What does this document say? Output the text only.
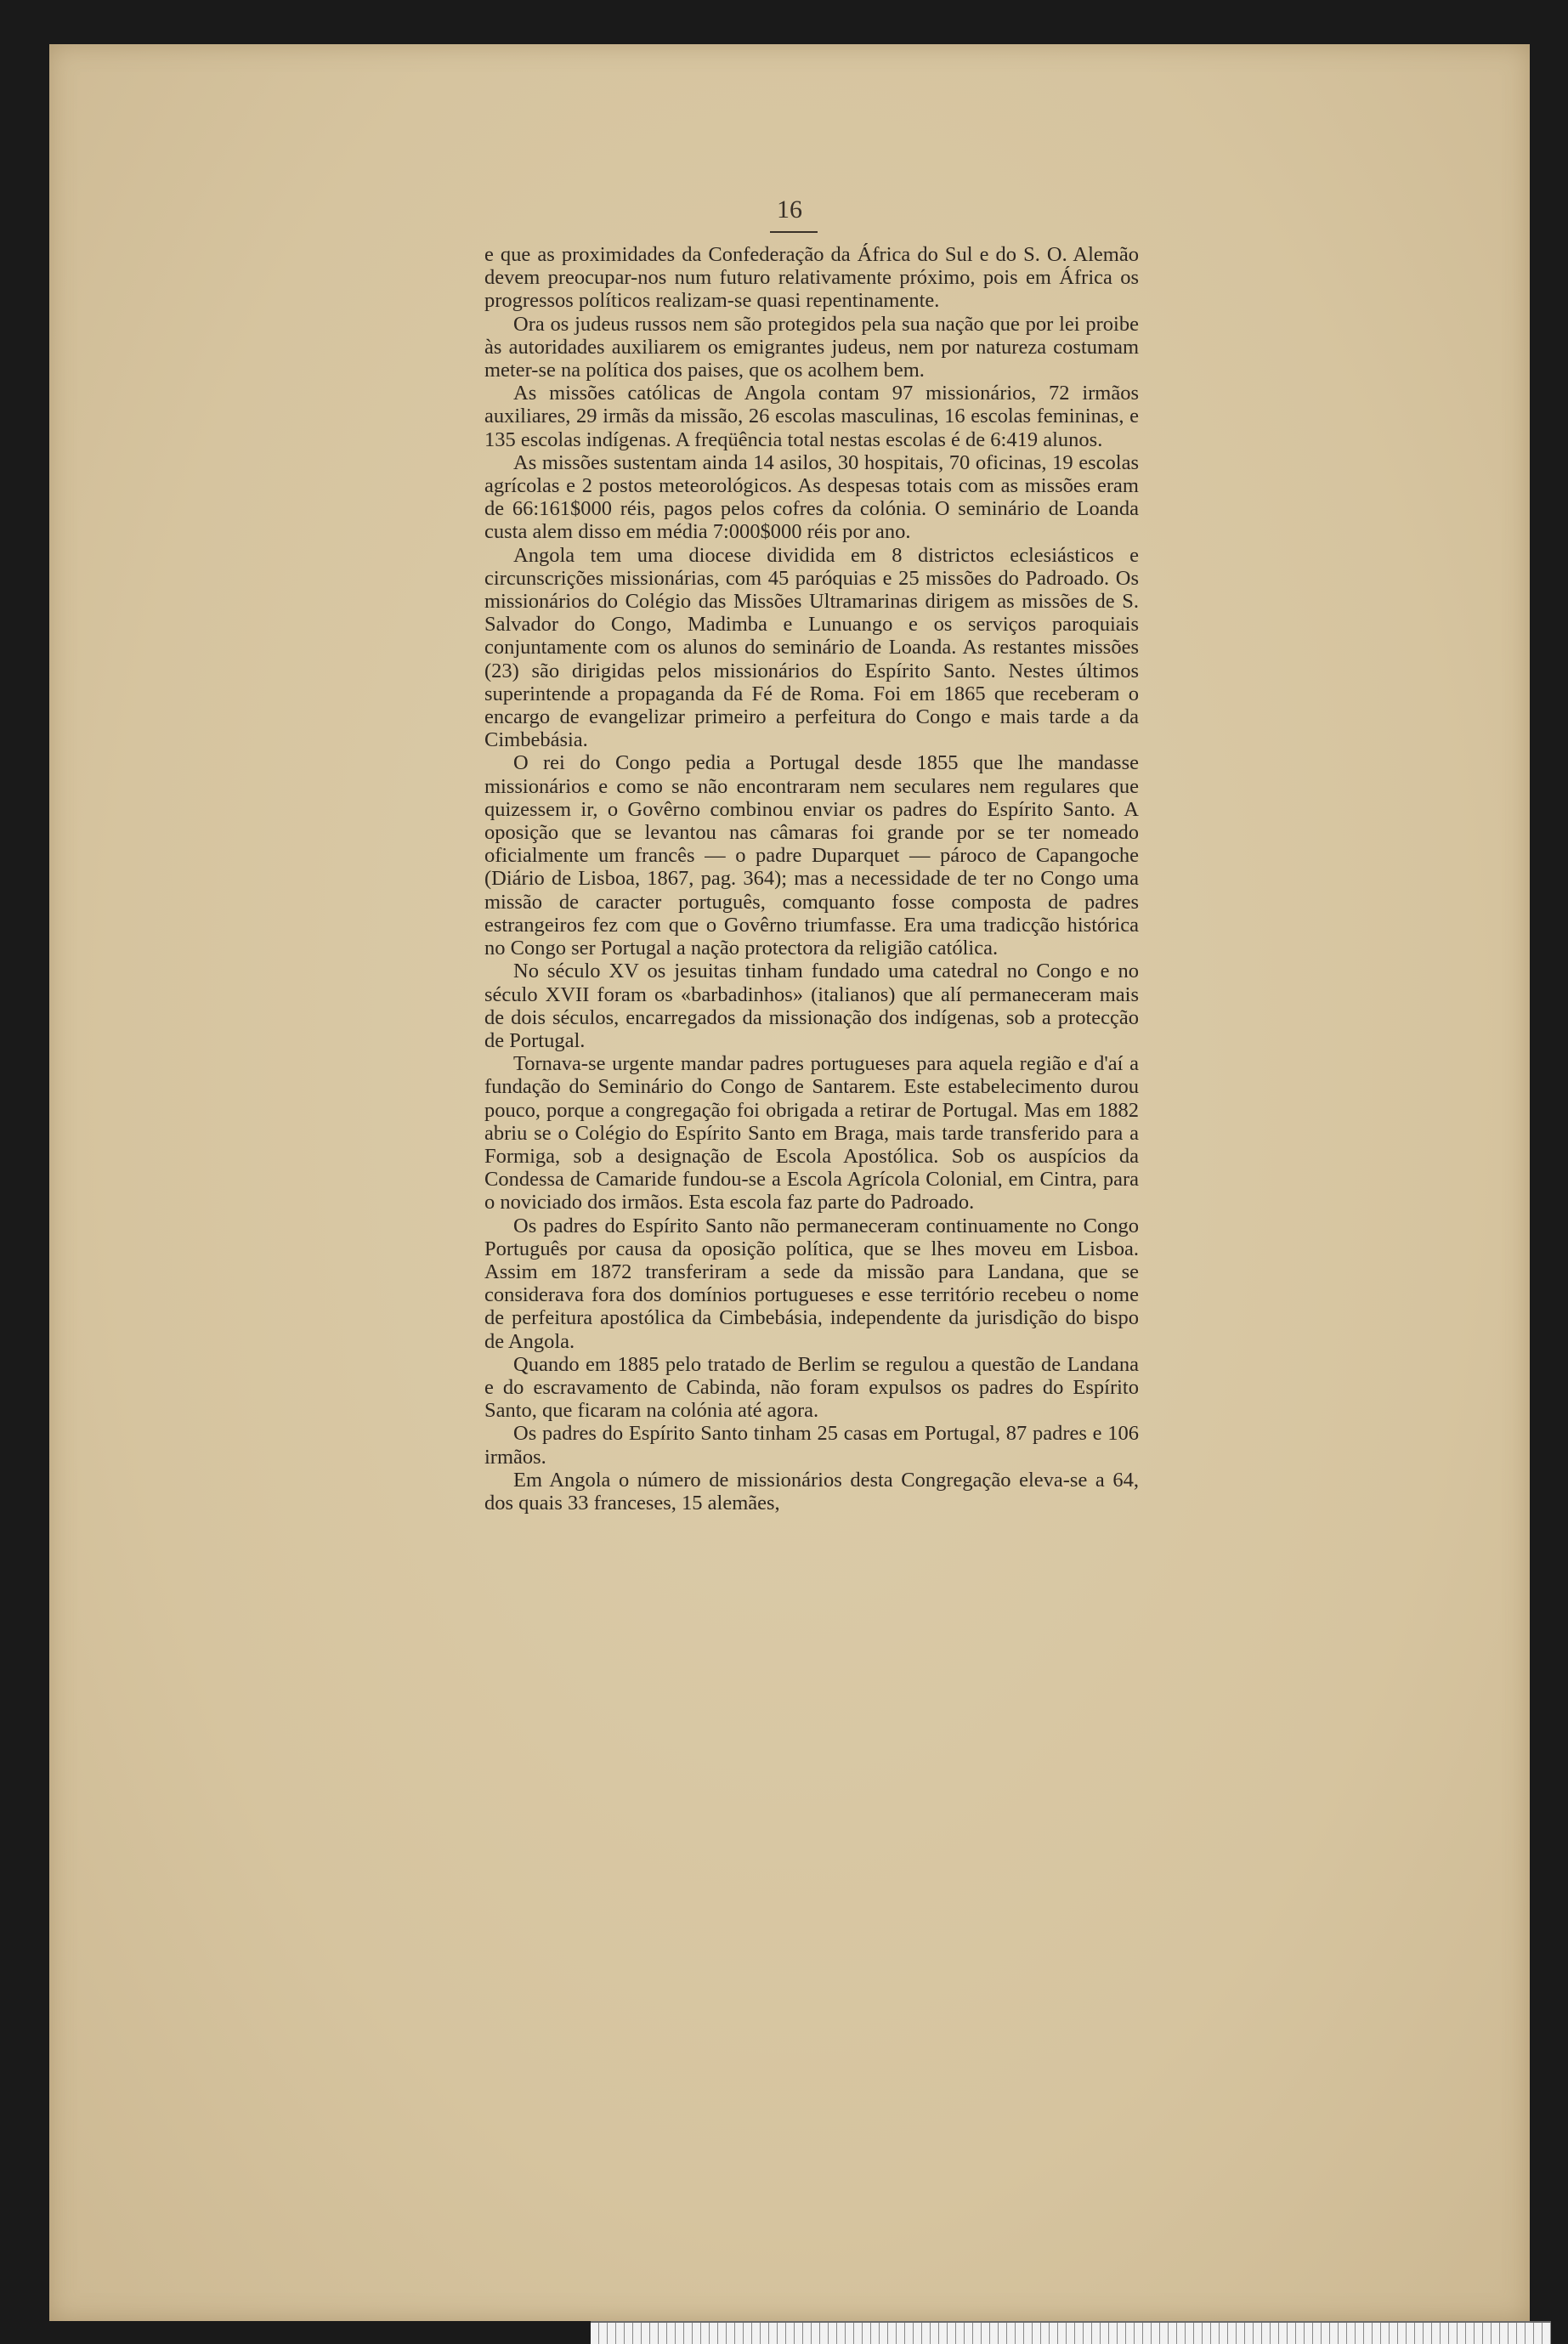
16

e que as proximidades da Confederação da África do Sul e do S. O. Alemão devem preocupar-nos num futuro relativamente próximo, pois em África os progressos políticos realizam-se quasi repentinamente.

Ora os judeus russos nem são protegidos pela sua nação que por lei proibe às autoridades auxiliarem os emigrantes judeus, nem por natureza costumam meter-se na política dos paises, que os acolhem bem.

As missões católicas de Angola contam 97 missionários, 72 irmãos auxiliares, 29 irmãs da missão, 26 escolas masculinas, 16 escolas femininas, e 135 escolas indígenas. A freqüência total nestas escolas é de 6:419 alunos.

As missões sustentam ainda 14 asilos, 30 hospitais, 70 oficinas, 19 escolas agrícolas e 2 postos meteorológicos. As despesas totais com as missões eram de 66:161$000 réis, pagos pelos cofres da colónia. O seminário de Loanda custa alem disso em média 7:000$000 réis por ano.

Angola tem uma diocese dividida em 8 districtos eclesiásticos e circunscrições missionárias, com 45 paróquias e 25 missões do Padroado. Os missionários do Colégio das Missões Ultramarinas dirigem as missões de S. Salvador do Congo, Madimba e Lunuango e os serviços paroquiais conjuntamente com os alunos do seminário de Loanda. As restantes missões (23) são dirigidas pelos missionários do Espírito Santo. Nestes últimos superintende a propaganda da Fé de Roma. Foi em 1865 que receberam o encargo de evangelizar primeiro a perfeitura do Congo e mais tarde a da Cimbebásia.

O rei do Congo pedia a Portugal desde 1855 que lhe mandasse missionários e como se não encontraram nem seculares nem regulares que quizessem ir, o Govêrno combinou enviar os padres do Espírito Santo. A oposição que se levantou nas câmaras foi grande por se ter nomeado oficialmente um francês — o padre Duparquet — pároco de Capangoche (Diário de Lisboa, 1867, pag. 364); mas a necessidade de ter no Congo uma missão de caracter português, comquanto fosse composta de padres estrangeiros fez com que o Govêrno triumfasse. Era uma tradicção histórica no Congo ser Portugal a nação protectora da religião católica.

No século XV os jesuitas tinham fundado uma catedral no Congo e no século XVII foram os «barbadinhos» (italianos) que alí permaneceram mais de dois séculos, encarregados da missionação dos indígenas, sob a protecção de Portugal.

Tornava-se urgente mandar padres portugueses para aquela região e d'aí a fundação do Seminário do Congo de Santarem. Este estabelecimento durou pouco, porque a congregação foi obrigada a retirar de Portugal. Mas em 1882 abriu se o Colégio do Espírito Santo em Braga, mais tarde transferido para a Formiga, sob a designação de Escola Apostólica. Sob os auspícios da Condessa de Camaride fundou-se a Escola Agrícola Colonial, em Cintra, para o noviciado dos irmãos. Esta escola faz parte do Padroado.

Os padres do Espírito Santo não permaneceram continuamente no Congo Português por causa da oposição política, que se lhes moveu em Lisboa. Assim em 1872 transferiram a sede da missão para Landana, que se considerava fora dos domínios portugueses e esse território recebeu o nome de perfeitura apostólica da Cimbebásia, independente da jurisdição do bispo de Angola.

Quando em 1885 pelo tratado de Berlim se regulou a questão de Landana e do escravamento de Cabinda, não foram expulsos os padres do Espírito Santo, que ficaram na colónia até agora.

Os padres do Espírito Santo tinham 25 casas em Portugal, 87 padres e 106 irmãos.

Em Angola o número de missionários desta Congregação eleva-se a 64, dos quais 33 franceses, 15 alemães,
